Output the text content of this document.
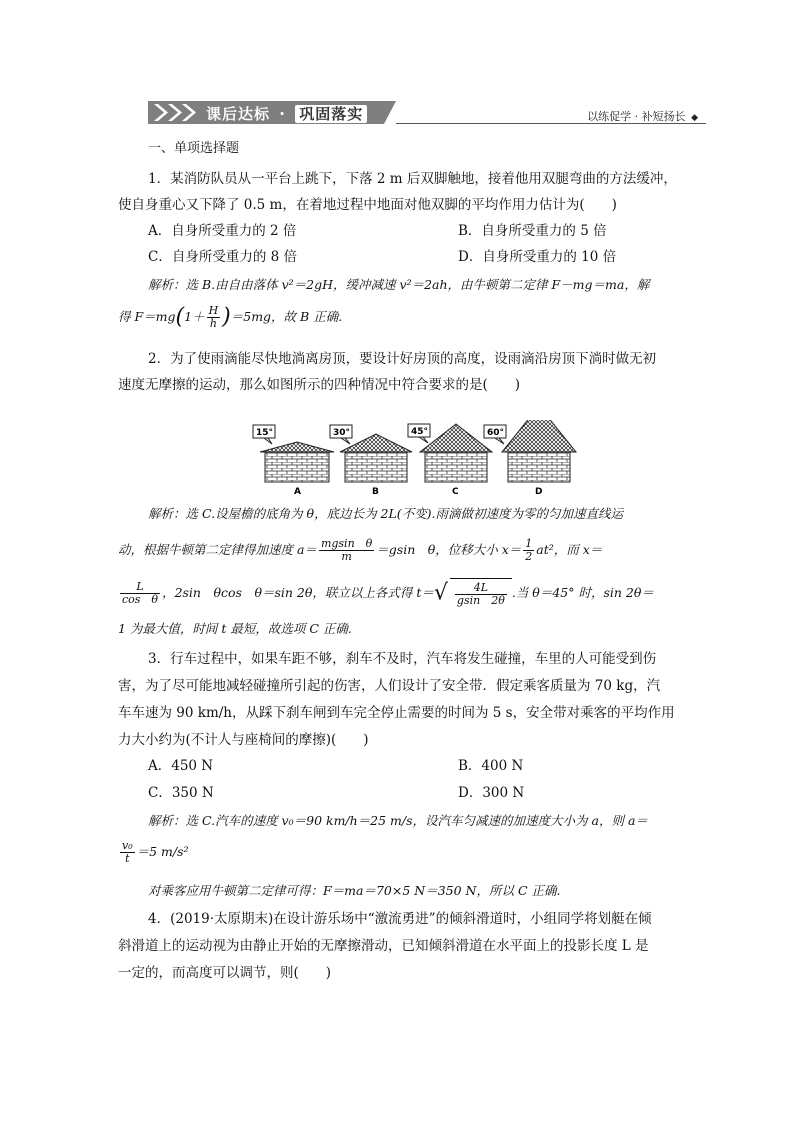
课后达标 · 巩固落实	以练促学 · 补短扬长 ◆
一、单项选择题
1．某消防队员从一平台上跳下，下落 2 m 后双脚触地，接着他用双腿弯曲的方法缓冲，
使自身重心又下降了 0.5 m，在着地过程中地面对他双脚的平均作用力估计为(　　)
A．自身所受重力的 2 倍	B．自身所受重力的 5 倍
C．自身所受重力的 8 倍	D．自身所受重力的 10 倍
解析：选 B.由自由落体 v²＝2gH，缓冲减速 v²＝2ah，由牛顿第二定律 F－mg＝ma，解
得 $F=mg(1+ \frac{H}{h} )=5mg$，故 B 正确.
2．为了使雨滴能尽快地淌离房顶，要设计好房顶的高度，设雨滴沿房顶下淌时做无初
速度无摩擦的运动，那么如图所示的四种情况中符合要求的是(　　)
15°	30°	45°	60°
A	B	C	D
解析：选 C.设屋檐的底角为 θ，底边长为 2L(不变).雨滴做初速度为零的匀加速直线运
动，根据牛顿第二定律得加速度 $a= \frac{\text{mgsin　θ}}{m} =gsin$　θ，位移大小 $x= \frac{1}{2} at^2$，而 x＝
$\frac{L}{\text{cos　θ}}$ ，2sin　θcos　θ＝sin 2θ，联立以上各式得 $t=√ \frac{4L}{gsin 2\theta}$ .当 θ＝45° 时，sin 2θ＝
1 为最大值，时间 t 最短，故选项 C 正确.
3．行车过程中，如果车距不够，刹车不及时，汽车将发生碰撞，车里的人可能受到伤
害，为了尽可能地减轻碰撞所引起的伤害，人们设计了安全带．假定乘客质量为 70 kg，汽
车车速为 90 km/h，从踩下刹车闸到车完全停止需要的时间为 5 s，安全带对乘客的平均作用
力大小约为(不计人与座椅间的摩擦)(　　)
A．450 N	B．400 N
C．350 N	D．300 N
解析：选 C.汽车的速度 v₀＝90 km/h＝25 m/s，设汽车匀减速的加速度大小为 a，则 a＝
$\frac{\text{v₀}}{t} =5$ m/s²
对乘客应用牛顿第二定律可得：F＝ma＝70×5 N＝350 N，所以 C 正确.
4．(2019·太原期末)在设计游乐场中“激流勇进”的倾斜滑道时，小组同学将划艇在倾
斜滑道上的运动视为由静止开始的无摩擦滑动，已知倾斜滑道在水平面上的投影长度 L 是
一定的，而高度可以调节，则(　　)
